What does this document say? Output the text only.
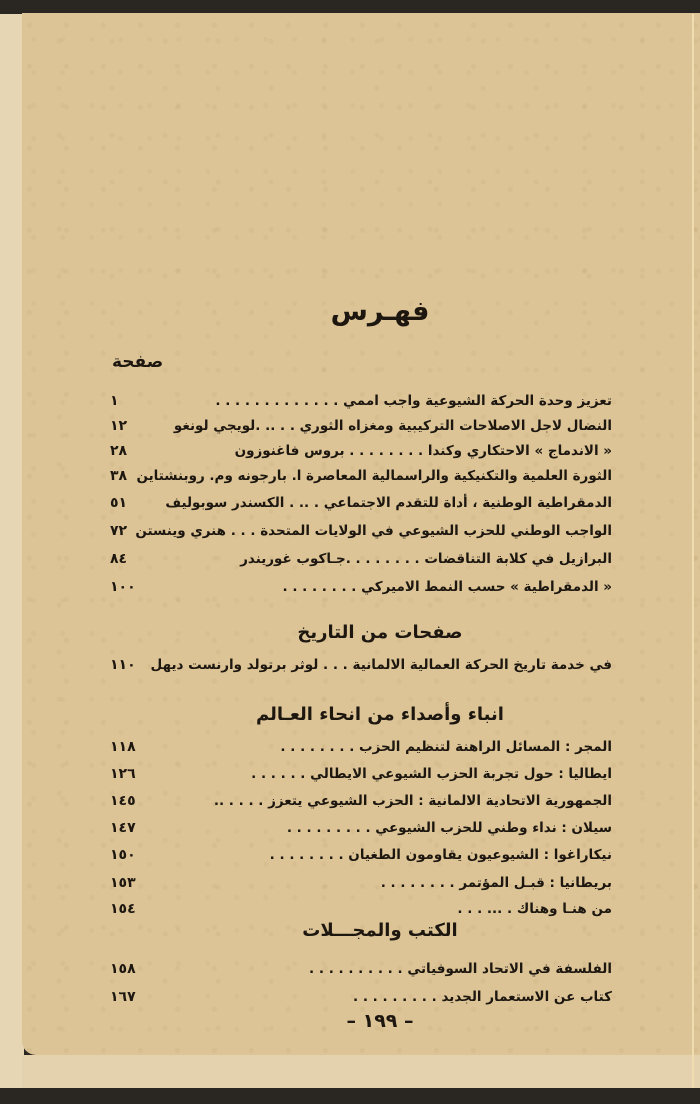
فهـرس
صفحة
تعزيز وحدة الحركة الشيوعية واجب اممي . . . . . . . . . . . . .
١
النضال لاجل الاصلاحات التركيبية ومغزاه الثوري . . .. .لويجي لونغو
١٢
« الاندماج » الاحتكاري وكندا . . . . . . . . بروس فاغنوزون
٢٨
الثورة العلمية والتكنيكية والراسمالية المعاصرة ا. بارجونه وم. روبنشتاين
٣٨
الدمقراطية الوطنية ، أداة للتقدم الاجتماعي . .. . الكسندر سوبوليف
٥١
الواجب الوطني للحزب الشيوعي في الولايات المتحدة . . . هنري وينستن
٧٢
البرازيل في كلابة التناقضات . . . . . . . .جـاكوب غوريندر
٨٤
« الدمقراطية » حسب النمط الاميركي . . . . . . . .
١٠٠
صفحات من التاريخ
في خدمة تاريخ الحركة العمالية الالمانية . . . لوثر برتولد وارنست ديهل
١١٠
انباء وأصداء من انحاء العـالم
المجر : المسائل الراهنة لتنظيم الحزب . . . . . . . .
١١٨
ايطاليا : حول تجربة الحزب الشيوعي الايطالي . . . . . .
١٢٦
الجمهورية الاتحادية الالمانية : الحزب الشيوعي يتعزز . . . . ..
١٤٥
سيلان : نداء وطني للحزب الشيوعي . . . . . . . . .
١٤٧
نيكاراغوا : الشيوعيون يقاومون الطغيان . . . . . . . .
١٥٠
بريطانيا : قبـل المؤتمر . . . . . . . .
١٥٣
من هنـا وهناك . ... . . .
١٥٤
الكتب والمجـــلات
الفلسفة في الاتحاد السوفياتي . . . . . . . . . .
١٥٨
كتاب عن الاستعمار الجديد . . . . . . . . .
١٦٧
– ١٩٩ –
